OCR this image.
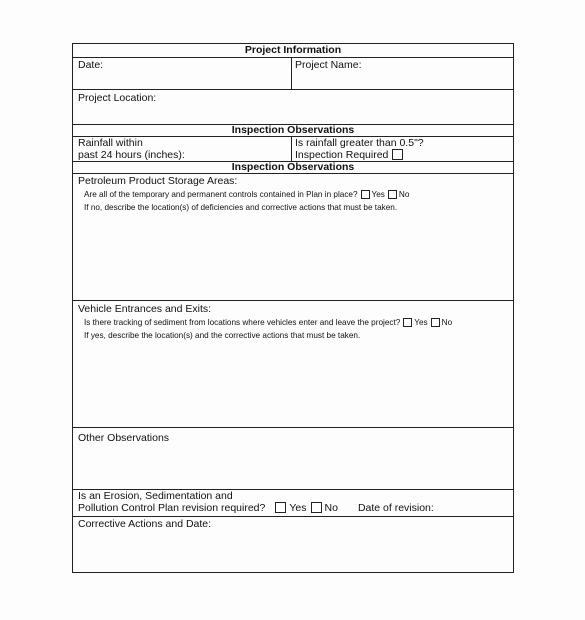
Project Information
Date:	Project Name:
Project Location:
Inspection Observations
Rainfall within
past 24 hours (inches):
Is rainfall greater than 0.5"?
Inspection Required
Inspection Observations
Petroleum Product Storage Areas:
Are all of the temporary and permanent controls contained in Plan in place? Yes No
If no, describe the location(s) of deficiencies and corrective actions that must be taken.
Vehicle Entrances and Exits:
Is there tracking of sediment from locations where vehicles enter and leave the project? Yes No
If yes, describe the location(s) and the corrective actions that must be taken.
Other Observations
Is an Erosion, Sedimentation and
Pollution Control Plan revision required? Yes No Date of revision:
Corrective Actions and Date:
